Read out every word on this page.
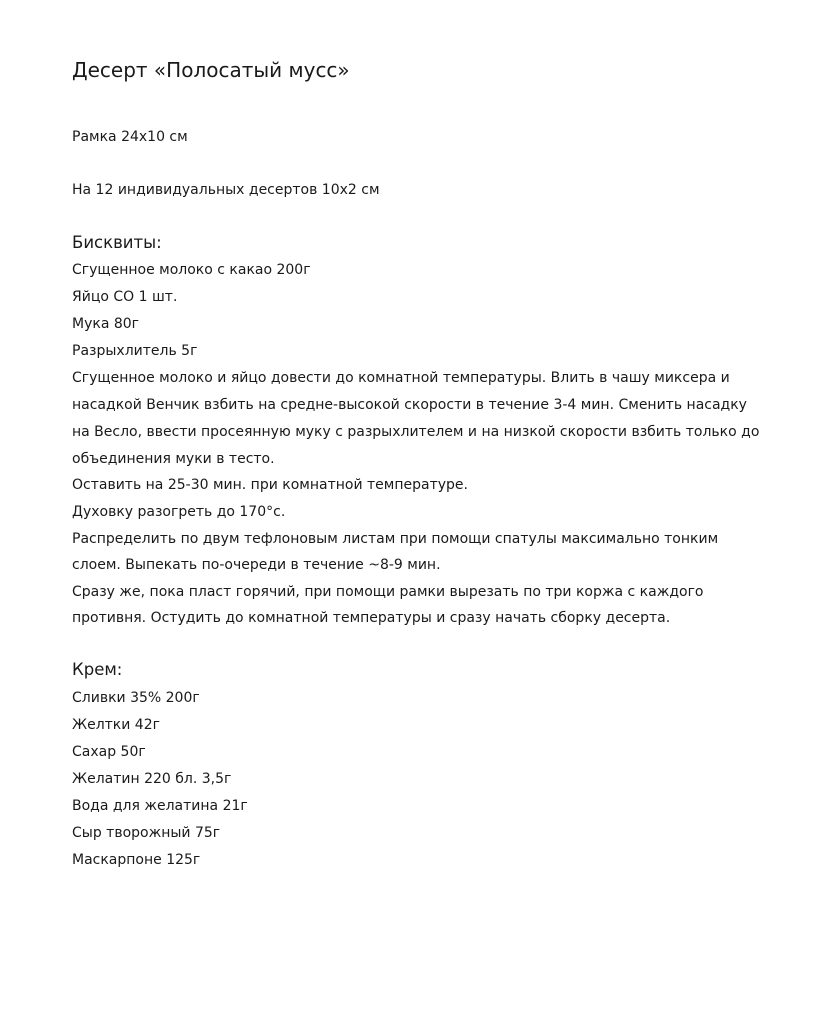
Десерт «Полосатый мусс»
Рамка 24х10 см
На 12 индивидуальных десертов 10х2 см
Бисквиты:
Сгущенное молоко с какао 200г
Яйцо СО 1 шт.
Мука 80г
Разрыхлитель 5г
Сгущенное молоко и яйцо довести до комнатной температуры. Влить в чашу миксера и
насадкой Венчик взбить на средне-высокой скорости в течение 3-4 мин. Сменить насадку
на Весло, ввести просеянную муку с разрыхлителем и на низкой скорости взбить только до
объединения муки в тесто.
Оставить на 25-30 мин. при комнатной температуре.
Духовку разогреть до 170°с.
Распределить по двум тефлоновым листам при помощи спатулы максимально тонким
слоем. Выпекать по-очереди в течение ~8-9 мин.
Сразу же, пока пласт горячий, при помощи рамки вырезать по три коржа с каждого
противня. Остудить до комнатной температуры и сразу начать сборку десерта.
Крем:
Сливки 35% 200г
Желтки 42г
Сахар 50г
Желатин 220 бл. 3,5г
Вода для желатина 21г
Сыр творожный 75г
Маскарпоне 125г
